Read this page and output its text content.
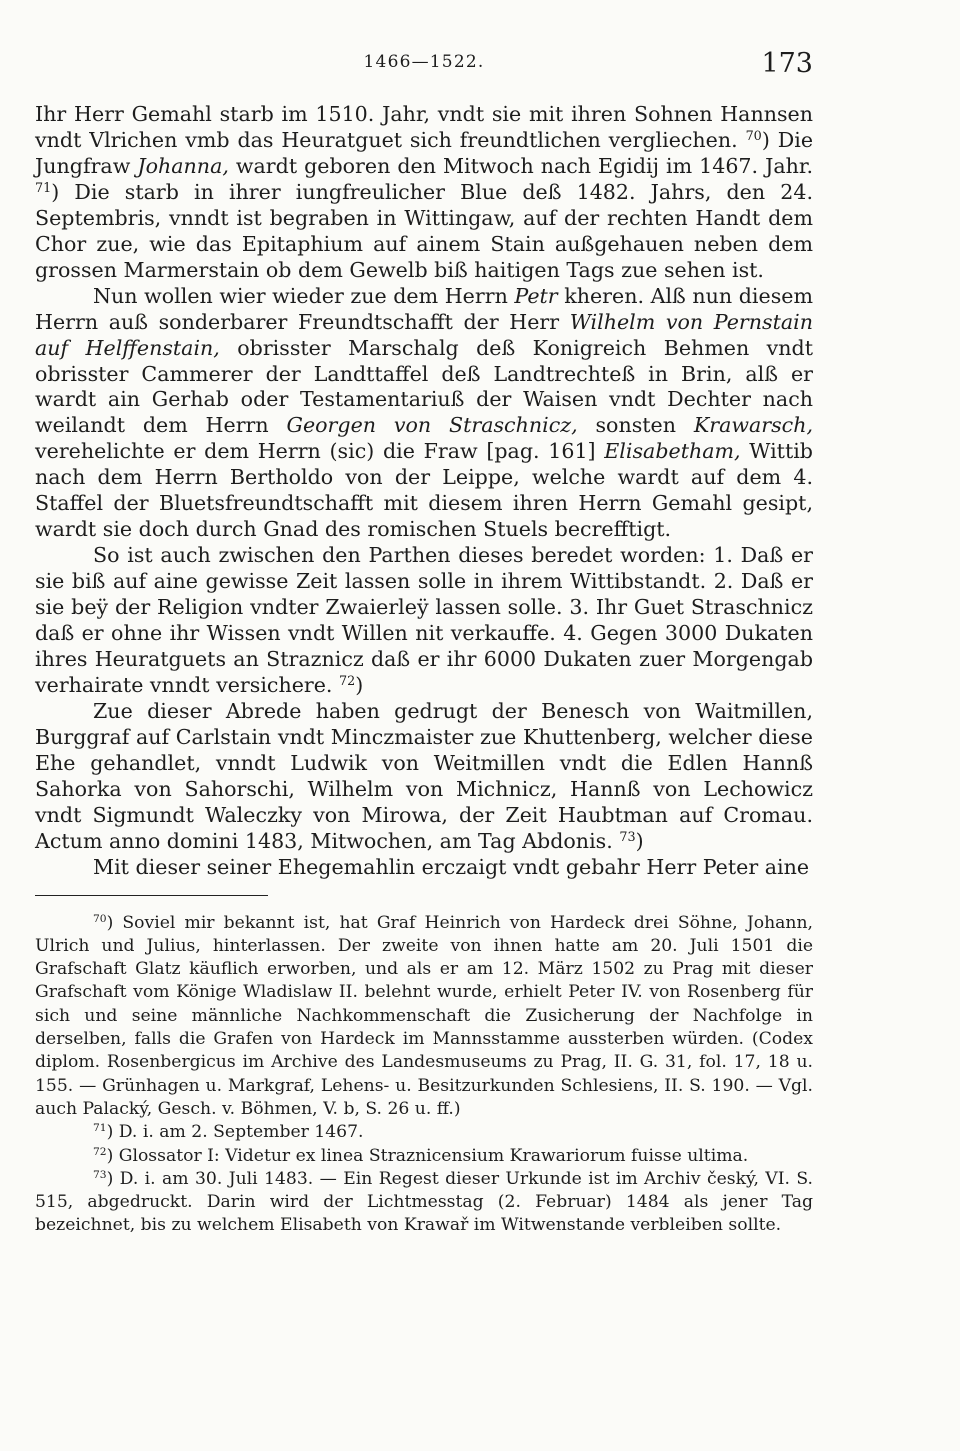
1466—1522.	173

Ihr Herr Gemahl starb im 1510. Jahr, vndt sie mit ihren Sohnen Hannsen vndt Vlrichen vmb das Heuratguet sich freundtlichen vergliechen. $^{70}$) Die Jungfraw Johanna, wardt geboren den Mitwoch nach Egidij im 1467. Jahr. $^{71}$) Die starb in ihrer iungfreulicher Blue deß 1482. Jahrs, den 24. Septembris, vnndt ist begraben in Wittingaw, auf der rechten Handt dem Chor zue, wie das Epitaphium auf ainem Stain außgehauen neben dem grossen Marmerstain ob dem Gewelb biß haitigen Tags zue sehen ist.

Nun wollen wier wieder zue dem Herrn Petr kheren. Alß nun diesem Herrn auß sonderbarer Freundtschafft der Herr Wilhelm von Pernstain auf Helffenstain, obrisster Marschalg deß Konigreich Behmen vndt obrisster Cammerer der Landttaffel deß Landtrechteß in Brin, alß er wardt ain Gerhab oder Testamentariuß der Waisen vndt Dechter nach weilandt dem Herrn Georgen von Straschnicz, sonsten Krawarsch, verehelichte er dem Herrn (sic) die Fraw [pag. 161] Elisabetham, Wittib nach dem Herrn Bertholdo von der Leippe, welche wardt auf dem 4. Staffel der Bluetsfreundtschafft mit diesem ihren Herrn Gemahl gesipt, wardt sie doch durch Gnad des romischen Stuels becrefftigt.

So ist auch zwischen den Parthen dieses beredet worden: 1. Daß er sie biß auf aine gewisse Zeit lassen solle in ihrem Wittibstandt. 2. Daß er sie beÿ der Religion vndter Zwaierleÿ lassen solle. 3. Ihr Guet Straschnicz daß er ohne ihr Wissen vndt Willen nit verkauffe. 4. Gegen 3000 Dukaten ihres Heuratguets an Straznicz daß er ihr 6000 Dukaten zuer Morgengab verhairate vnndt versichere. $^{72}$)

Zue dieser Abrede haben gedrugt der Benesch von Waitmillen, Burggraf auf Carlstain vndt Minczmaister zue Khuttenberg, welcher diese Ehe gehandlet, vnndt Ludwik von Weitmillen vndt die Edlen Hannß Sahorka von Sahorschi, Wilhelm von Michnicz, Hannß von Lechowicz vndt Sigmundt Waleczky von Mirowa, der Zeit Haubtman auf Cromau. Actum anno domini 1483, Mitwochen, am Tag Abdonis. $^{73}$)

Mit dieser seiner Ehegemahlin erczaigt vndt gebahr Herr Peter aine

$^{70}$) Soviel mir bekannt ist, hat Graf Heinrich von Hardeck drei Söhne, Johann, Ulrich und Julius, hinterlassen. Der zweite von ihnen hatte am 20. Juli 1501 die Grafschaft Glatz käuflich erworben, und als er am 12. März 1502 zu Prag mit dieser Grafschaft vom Könige Wladislaw II. belehnt wurde, erhielt Peter IV. von Rosenberg für sich und seine männliche Nachkommenschaft die Zusicherung der Nachfolge in derselben, falls die Grafen von Hardeck im Mannsstamme aussterben würden. (Codex diplom. Rosenbergicus im Archive des Landesmuseums zu Prag, II. G. 31, fol. 17, 18 u. 155. — Grünhagen u. Markgraf, Lehens- u. Besitzurkunden Schlesiens, II. S. 190. — Vgl. auch Palacký, Gesch. v. Böhmen, V. b, S. 26 u. ff.)

$^{71}$) D. i. am 2. September 1467.

$^{72}$) Glossator I: Videtur ex linea Straznicensium Krawariorum fuisse ultima.

$^{73}$) D. i. am 30. Juli 1483. — Ein Regest dieser Urkunde ist im Archiv český, VI. S. 515, abgedruckt. Darin wird der Lichtmesstag (2. Februar) 1484 als jener Tag bezeichnet, bis zu welchem Elisabeth von Krawař im Witwenstande verbleiben sollte.
